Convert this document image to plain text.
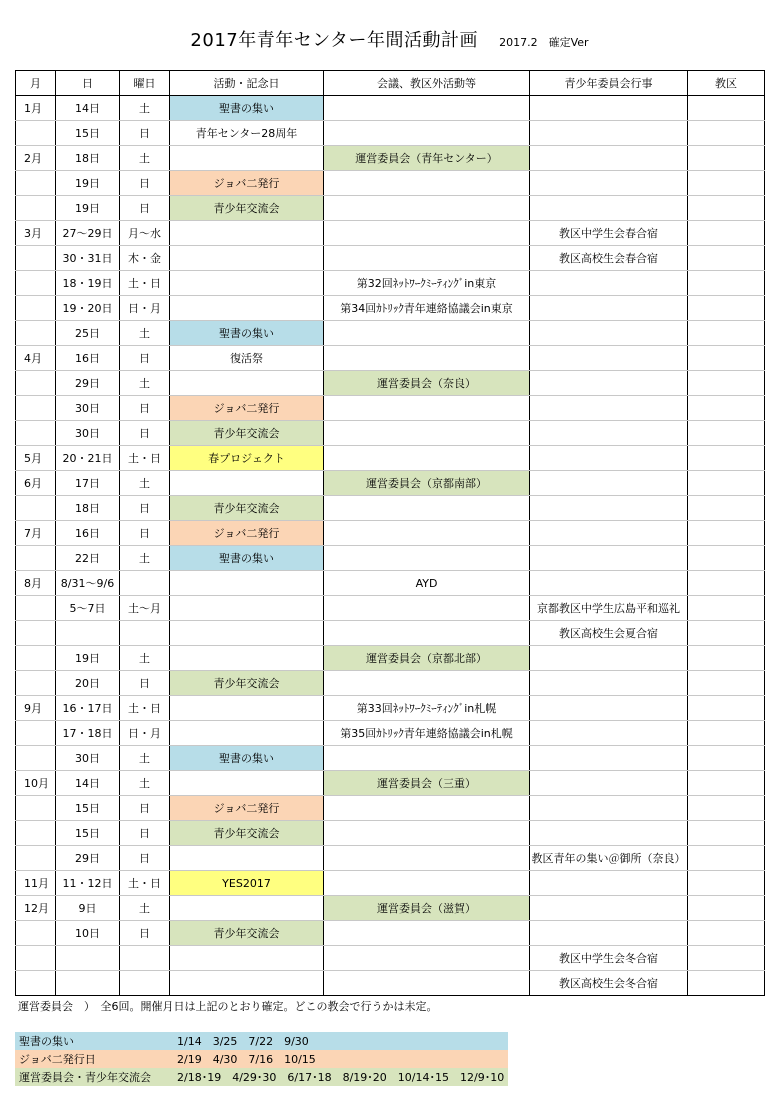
2017年青年センター年間活動計画 2017.2　確定Ver
月	日	曜日	活動・記念日	会議、教区外活動等	青少年委員会行事	教区
1月	14日	土	聖書の集い			
	15日	日	青年センター28周年			
2月	18日	土		運営委員会（青年センター）		
	19日	日	ジョバ二発行			
	19日	日	青少年交流会			
3月	27～29日	月～水			教区中学生会春合宿	
	30・31日	木・金			教区高校生会春合宿	
	18・19日	土・日		第32回ﾈｯﾄﾜｰｸﾐｰﾃｨﾝｸﾞin東京		
	19・20日	日・月		第34回ｶﾄﾘｯｸ青年連絡協議会in東京		
	25日	土	聖書の集い			
4月	16日	日	復活祭			
	29日	土		運営委員会（奈良）		
	30日	日	ジョバ二発行			
	30日	日	青少年交流会			
5月	20・21日	土・日	春プロジェクト			
6月	17日	土		運営委員会（京都南部）		
	18日	日	青少年交流会			
7月	16日	日	ジョバ二発行			
	22日	土	聖書の集い			
8月	8/31～9/6			AYD		
	5～7日	土～月			京都教区中学生広島平和巡礼	
					教区高校生会夏合宿	
	19日	土		運営委員会（京都北部）		
	20日	日	青少年交流会			
9月	16・17日	土・日		第33回ﾈｯﾄﾜｰｸﾐｰﾃｨﾝｸﾞin札幌		
	17・18日	日・月		第35回ｶﾄﾘｯｸ青年連絡協議会in札幌		
	30日	土	聖書の集い			
10月	14日	土		運営委員会（三重）		
	15日	日	ジョバ二発行			
	15日	日	青少年交流会			
	29日	日			教区青年の集い＠御所（奈良）	
11月	11・12日	土・日	YES2017			
12月	9日	土		運営委員会（滋賀）		
	10日	日	青少年交流会			
					教区中学生会冬合宿	
					教区高校生会冬合宿	
運営委員会　）　全6回。開催月日は上記のとおり確定。どこの教会で行うかは未定。
聖書の集い	1/14　3/25　7/22　9/30
ジョバ二発行日	2/19　4/30　7/16　10/15
運営委員会・青少年交流会	2/18･19　4/29･30　6/17･18　8/19･20　10/14･15　12/9･10
